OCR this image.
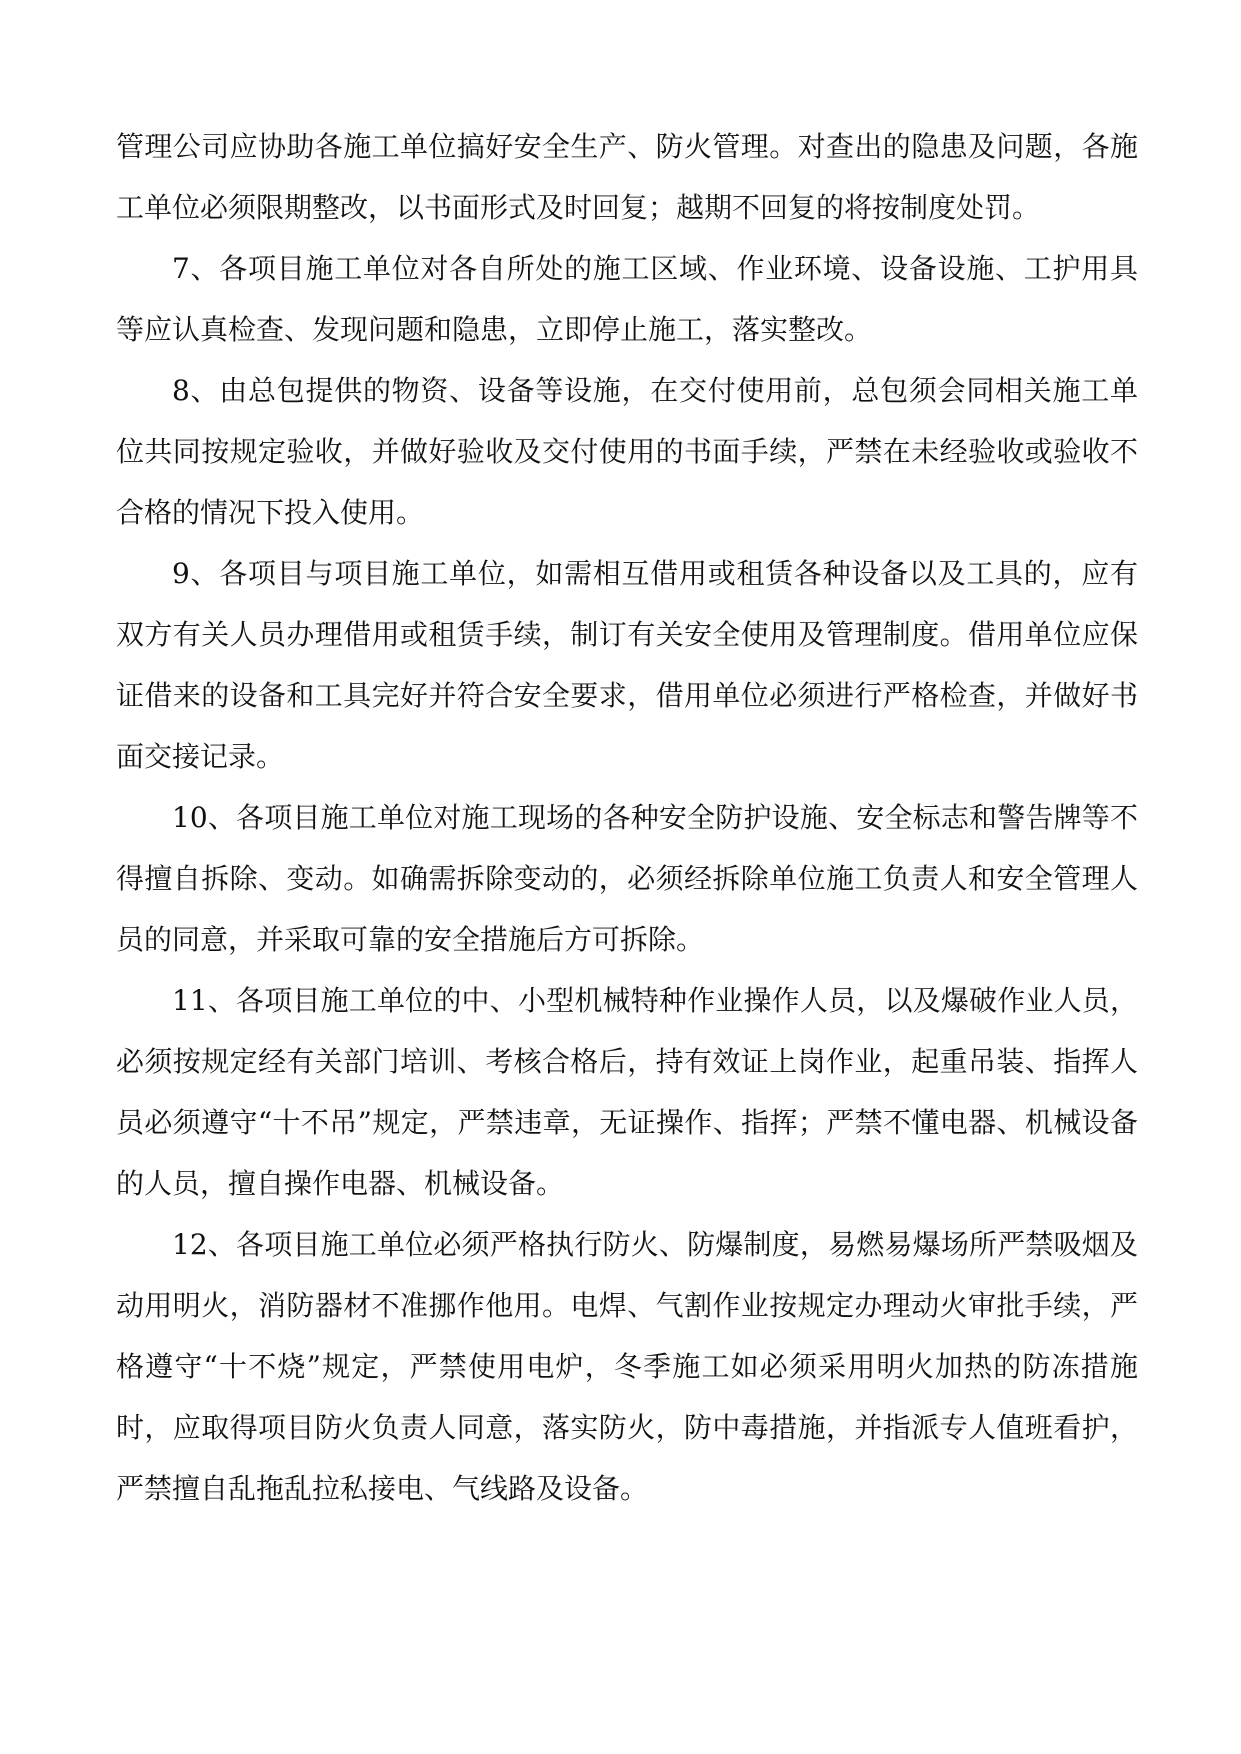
管理公司应协助各施工单位搞好安全生产、防火管理。对查出的隐患及问题，各施工单位必须限期整改，以书面形式及时回复；越期不回复的将按制度处罚。

7、各项目施工单位对各自所处的施工区域、作业环境、设备设施、工护用具等应认真检查、发现问题和隐患，立即停止施工，落实整改。

8、由总包提供的物资、设备等设施，在交付使用前，总包须会同相关施工单位共同按规定验收，并做好验收及交付使用的书面手续，严禁在未经验收或验收不合格的情况下投入使用。

9、各项目与项目施工单位，如需相互借用或租赁各种设备以及工具的，应有双方有关人员办理借用或租赁手续，制订有关安全使用及管理制度。借用单位应保证借来的设备和工具完好并符合安全要求，借用单位必须进行严格检查，并做好书面交接记录。

10、各项目施工单位对施工现场的各种安全防护设施、安全标志和警告牌等不得擅自拆除、变动。如确需拆除变动的，必须经拆除单位施工负责人和安全管理人员的同意，并采取可靠的安全措施后方可拆除。

11、各项目施工单位的中、小型机械特种作业操作人员，以及爆破作业人员，必须按规定经有关部门培训、考核合格后，持有效证上岗作业，起重吊装、指挥人员必须遵守“十不吊”规定，严禁违章，无证操作、指挥；严禁不懂电器、机械设备的人员，擅自操作电器、机械设备。

12、各项目施工单位必须严格执行防火、防爆制度，易燃易爆场所严禁吸烟及动用明火，消防器材不准挪作他用。电焊、气割作业按规定办理动火审批手续，严格遵守“十不烧”规定，严禁使用电炉，冬季施工如必须采用明火加热的防冻措施时，应取得项目防火负责人同意，落实防火，防中毒措施，并指派专人值班看护，严禁擅自乱拖乱拉私接电、气线路及设备。
